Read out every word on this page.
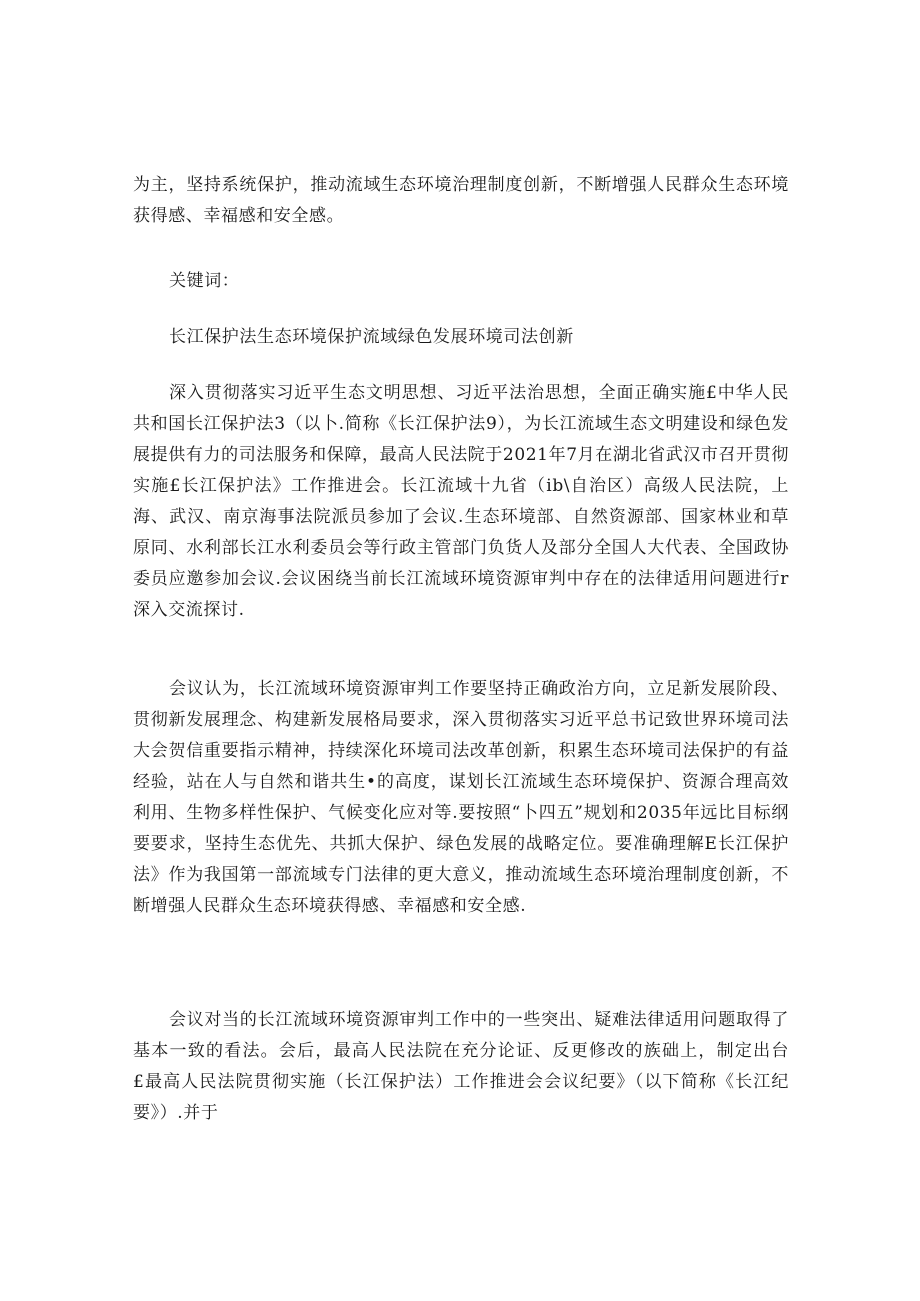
为主，坚持系统保护，推动流域生态环境治理制度创新，不断增强人民群众生态环境获得感、幸福感和安全感。

关键词：

长江保护法生态环境保护流域绿色发展环境司法创新

深入贯彻落实习近平生态文明思想、习近平法治思想，全面正确实施£中华人民共和国长江保护法3（以卜.简称《长江保护法9），为长江流域生态文明建设和绿色发展提供有力的司法服务和保障，最高人民法院于2021年7月在湖北省武汉市召开贯彻实施£长江保护法》工作推进会。长江流域十九省（ib\自治区）高级人民法院，上海、武汉、南京海事法院派员参加了会议.生态环境部、自然资源部、国家林业和草原同、水利部长江水利委员会等行政主管部门负货人及部分全国人大代表、全国政协委员应邀参加会议.会议困绕当前长江流域环境资源审判中存在的法律适用问题进行r深入交流探讨.

会议认为，长江流域环境资源审判工作要坚持正确政治方向，立足新发展阶段、贯彻新发展理念、构建新发展格局要求，深入贯彻落实习近平总书记致世界环境司法大会贺信重要指示精神，持续深化环境司法改革创新，积累生态环境司法保护的有益经验，站在人与自然和谐共生•的高度，谋划长江流域生态环境保护、资源合理高效利用、生物多样性保护、气候变化应对等.要按照“卜四五”规划和2035年远比目标纲要要求，坚持生态优先、共抓大保护、绿色发展的战略定位。要准确理解E长江保护法》作为我国第一部流域专门法律的更大意义，推动流域生态环境治理制度创新，不断增强人民群众生态环境获得感、幸福感和安全感.

会议对当的长江流域环境资源审判工作中的一些突出、疑难法律适用问题取得了基本一致的看法。会后，最高人民法院在充分论证、反更修改的族础上，制定出台£最高人民法院贯彻实施（长江保护法）工作推进会会议纪要》（以下简称《长江纪要》）.并于
